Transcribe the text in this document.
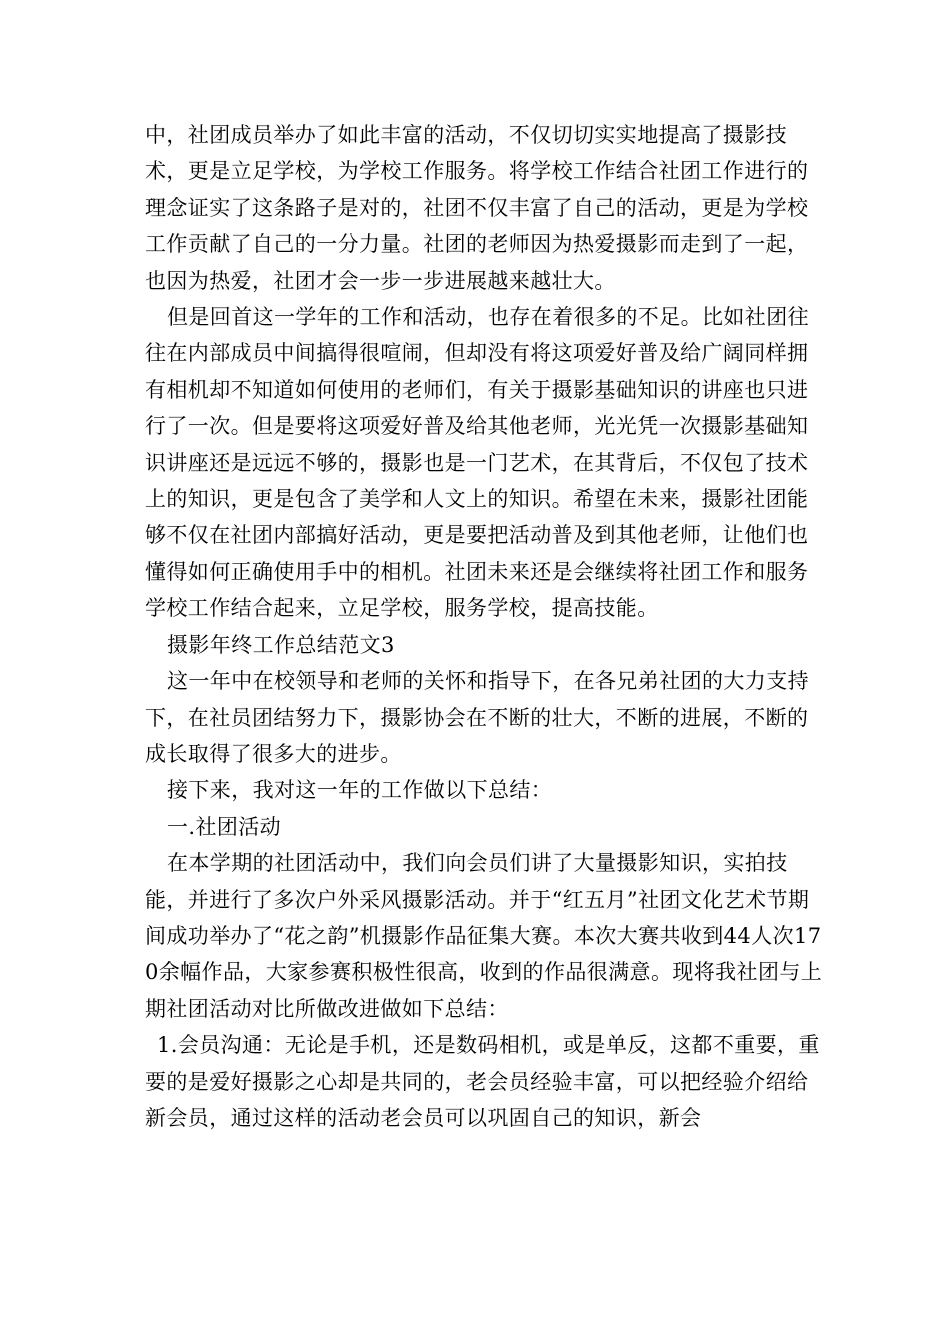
中，社团成员举办了如此丰富的活动，不仅切切实实地提高了摄影技术，更是立足学校，为学校工作服务。将学校工作结合社团工作进行的理念证实了这条路子是对的，社团不仅丰富了自己的活动，更是为学校工作贡献了自己的一分力量。社团的老师因为热爱摄影而走到了一起，也因为热爱，社团才会一步一步进展越来越壮大。

但是回首这一学年的工作和活动，也存在着很多的不足。比如社团往往在内部成员中间搞得很喧闹，但却没有将这项爱好普及给广阔同样拥有相机却不知道如何使用的老师们，有关于摄影基础知识的讲座也只进行了一次。但是要将这项爱好普及给其他老师，光光凭一次摄影基础知识讲座还是远远不够的，摄影也是一门艺术，在其背后，不仅包了技术上的知识，更是包含了美学和人文上的知识。希望在未来，摄影社团能够不仅在社团内部搞好活动，更是要把活动普及到其他老师，让他们也懂得如何正确使用手中的相机。社团未来还是会继续将社团工作和服务学校工作结合起来，立足学校，服务学校，提高技能。

摄影年终工作总结范文3

这一年中在校领导和老师的关怀和指导下，在各兄弟社团的大力支持下，在社员团结努力下，摄影协会在不断的壮大，不断的进展，不断的成长取得了很多大的进步。

接下来，我对这一年的工作做以下总结：

一.社团活动

在本学期的社团活动中，我们向会员们讲了大量摄影知识，实拍技能，并进行了多次户外采风摄影活动。并于“红五月”社团文化艺术节期间成功举办了“花之韵”机摄影作品征集大赛。本次大赛共收到44人次170余幅作品，大家参赛积极性很高，收到的作品很满意。现将我社团与上期社团活动对比所做改进做如下总结：

1.会员沟通：无论是手机，还是数码相机，或是单反，这都不重要，重要的是爱好摄影之心却是共同的，老会员经验丰富，可以把经验介绍给新会员，通过这样的活动老会员可以巩固自己的知识，新会
